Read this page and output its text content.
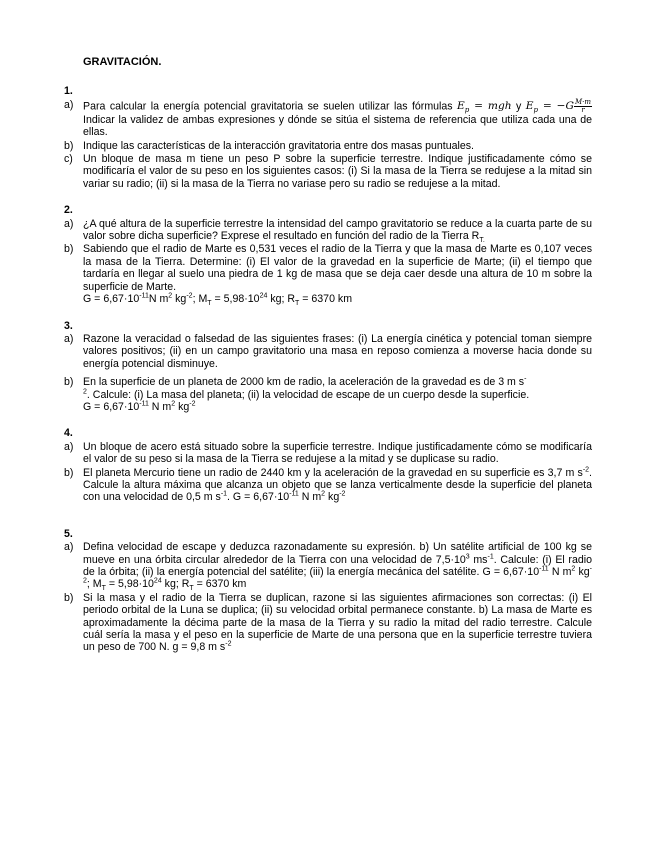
GRAVITACIÓN.
1.
a) Para calcular la energía potencial gravitatoria se suelen utilizar las fórmulas $E_p$ = mgh y $E_p = -G \frac{M\cdot m}{r}$
Indicar la validez de ambas expresiones y dónde se sitúa el sistema de referencia que utiliza cada una de ellas.
b) Indique las características de la interacción gravitatoria entre dos masas puntuales.
c) Un bloque de masa m tiene un peso P sobre la superficie terrestre. Indique justificadamente cómo se modificaría el valor de su peso en los siguientes casos: (i) Si la masa de la Tierra se redujese a la mitad sin variar su radio; (ii) si la masa de la Tierra no variase pero su radio se redujese a la mitad.
2.
a) ¿A qué altura de la superficie terrestre la intensidad del campo gravitatorio se reduce a la cuarta parte de su valor sobre dicha superficie? Exprese el resultado en función del radio de la Tierra $R_{T.}$
b) Sabiendo que el radio de Marte es 0,531 veces el radio de la Tierra y que la masa de Marte es 0,107 veces la masa de la Tierra. Determine: (i) El valor de la gravedad en la superficie de Marte; (ii) el tiempo que tardaría en llegar al suelo una piedra de 1 kg de masa que se deja caer desde una altura de 10 m sobre la superficie de Marte.
$G = 6,67\cdot 10^{-11}N$ $m^2$ $kg^{-2}$; $M_T = 5,98\cdot 10^{24}$ kg; $R_T = 6370$ km
3.
a) Razone la veracidad o falsedad de las siguientes frases: (i) La energía cinética y potencial toman siempre valores positivos; (ii) en un campo gravitatorio una masa en reposo comienza a moverse hacia donde su energía potencial disminuye.
b) En la superficie de un planeta de 2000 km de radio, la aceleración de la gravedad es de 3 m s-
$^2$. Calcule: (i) La masa del planeta; (ii) la velocidad de escape de un cuerpo desde la superficie.
$G = 6,67\cdot 10^{-11}$ N $m^2$ $kg^{-2}$
4.
a) Un bloque de acero está situado sobre la superficie terrestre. Indique justificadamente cómo se modificaría el valor de su peso si la masa de la Tierra se redujese a la mitad y se duplicase su radio.
b) El planeta Mercurio tiene un radio de 2440 km y la aceleración de la gravedad en su superficie es 3,7 m $s^{-2}$. Calcule la altura máxima que alcanza un objeto que se lanza verticalmente desde la superficie del planeta con una velocidad de 0,5 m $s^{-1}$. $G = 6,67\cdot 10^{-11}$ N $m^2$ $kg^{-2}$
5.
a) Defina velocidad de escape y deduzca razonadamente su expresión. b) Un satélite artificial de 100 kg se mueve en una órbita circular alrededor de la Tierra con una velocidad de $7,5\cdot 10^3$ $ms^{-1}$. Calcule: (i) El radio de la órbita; (ii) la energía potencial del satélite; (iii) la energía mecánica del satélite. $G = 6,67\cdot 10^{-11}$ N $m^2$ $kg^{-2}$; $M_T = 5,98\cdot 10^{24}$ kg; $R_T = 6370$ km
b) Si la masa y el radio de la Tierra se duplican, razone si las siguientes afirmaciones son correctas: (i) El periodo orbital de la Luna se duplica; (ii) su velocidad orbital permanece constante. b) La masa de Marte es aproximadamente la décima parte de la masa de la Tierra y su radio la mitad del radio terrestre. Calcule cuál sería la masa y el peso en la superficie de Marte de una persona que en la superficie terrestre tuviera un peso de 700 N. g = 9,8 m $s^{-2}$
